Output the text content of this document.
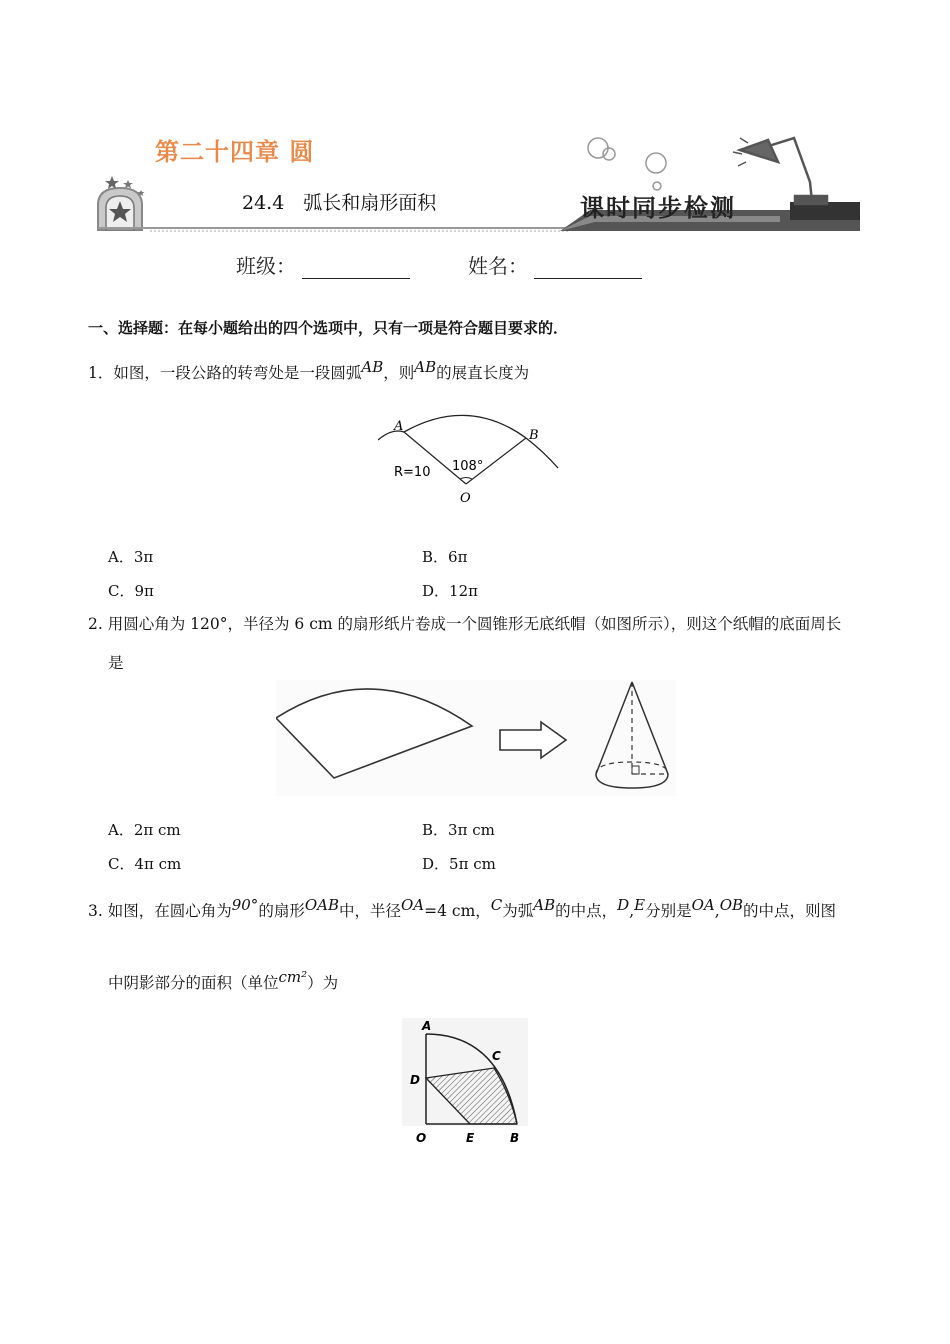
第二十四章 圆
24.4　弧长和扇形面积	课时同步检测
班级：	姓名：
一、选择题：在每小题给出的四个选项中，只有一项是符合题目要求的．
1．如图，一段公路的转弯处是一段圆弧AB，则AB的展直长度为
A
B
O
R=10 108°
A．3π	B．6π
C．9π	D．12π
2. 用圆心角为 120°，半径为 6 cm 的扇形纸片卷成一个圆锥形无底纸帽（如图所示），则这个纸帽的底面周长
是
A．2π cm	B．3π cm
C．4π cm	D．5π cm
3. 如图，在圆心角为90°的扇形OAB中，半径OA=4 cm，C为弧AB的中点，D,E分别是OA,OB的中点，则图
中阴影部分的面积（单位cm²）为
A
C
D
O	E	B
